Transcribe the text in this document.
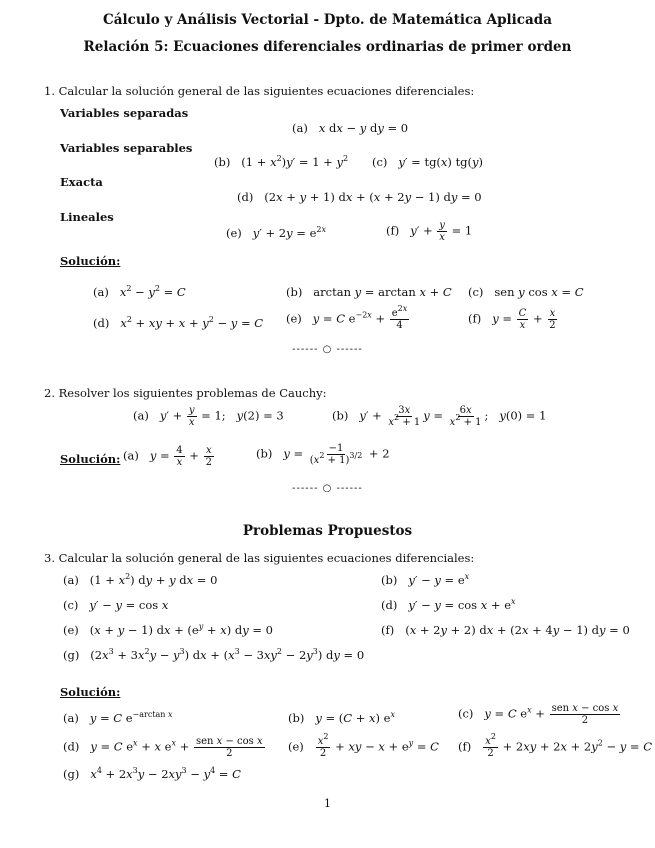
Cálculo y Análisis Vectorial - Dpto. de Matemática Aplicada
Relación 5: Ecuaciones diferenciales ordinarias de primer orden
1. Calcular la solución general de las siguientes ecuaciones diferenciales:
Variables separadas
(a) x dx − y dy = 0
Variables separables
(b)   $(1 + x^2)y' = 1 + y^2$ (c) y′ = tg(x) tg(y)
Exacta
(d)   (2x + y + 1) dx + (x + 2y − 1) dy = 0
Lineales
(e) $y' + 2y = e^{2x}$	(f) $y' + \frac{y}{x} = 1$
Solución:
(a) $x^2 - y^2 = C$	(b)   arctan y = arctan x + C (c)   sen y cos x = C
(d) $x^2$ + xy + $x + y^2 - y = C$ (e) y = C $e^{-2x} + \frac{e^{2x}}{4}$	(f) $y = \frac{C}{x} + \frac{x}{2}$
------ ○ ------
2. Resolver los siguientes problemas de Cauchy:
(a) $y' + \frac{y}{x} = 1$;   y(2) = 3	(b) $y' + \frac{3x}{x^2 + 1}$ $y = \frac{6x}{x^2 + 1}$ ;   y(0) = 1
Solución: (a) $y = \frac{4}{x} + \frac{x}{2}$	(b) $y = \frac{-1}{(x^2 + 1)^{3/2}} + 2$
------ ○ ------
Problemas Propuestos
3. Calcular la solución general de las siguientes ecuaciones diferenciales:
(a)   $(1 + x^2)$ dy + y dx = 0	(b) $y' - y = e^x$
(c) y′ − y = cos x	(d) $y' - y = \cos x + e^x$
(e)   (x + y − 1) dx + $(e^y + x)$ dy = 0	(f)   (x + 2y + 2) dx + (2x + 4y − 1) dy = 0
(g)   $(2x^3 + 3x^2y - y^3)$ dx + $(x^3 - 3xy^2 - 2y^3)$ dy = 0
Solución:
(a) y = C $e^{-arctan x}$	(b) y = (C + x) $e^x$	(c) y = C $e^x + \frac{\text{sen x − cos x}}{2}$
(d) y = C $e^x + x$ $e^x + \frac{\text{sen x − cos x}}{2} (e) \frac{x^2}{2}$ + xy − $x + e^y = C$ $(f) \frac{x^2}{2} + 2xy + 2x + 2y^2 - y = C$
(g) $x^4 + 2x^3y - 2xy^3 - y^4 = C$
1
